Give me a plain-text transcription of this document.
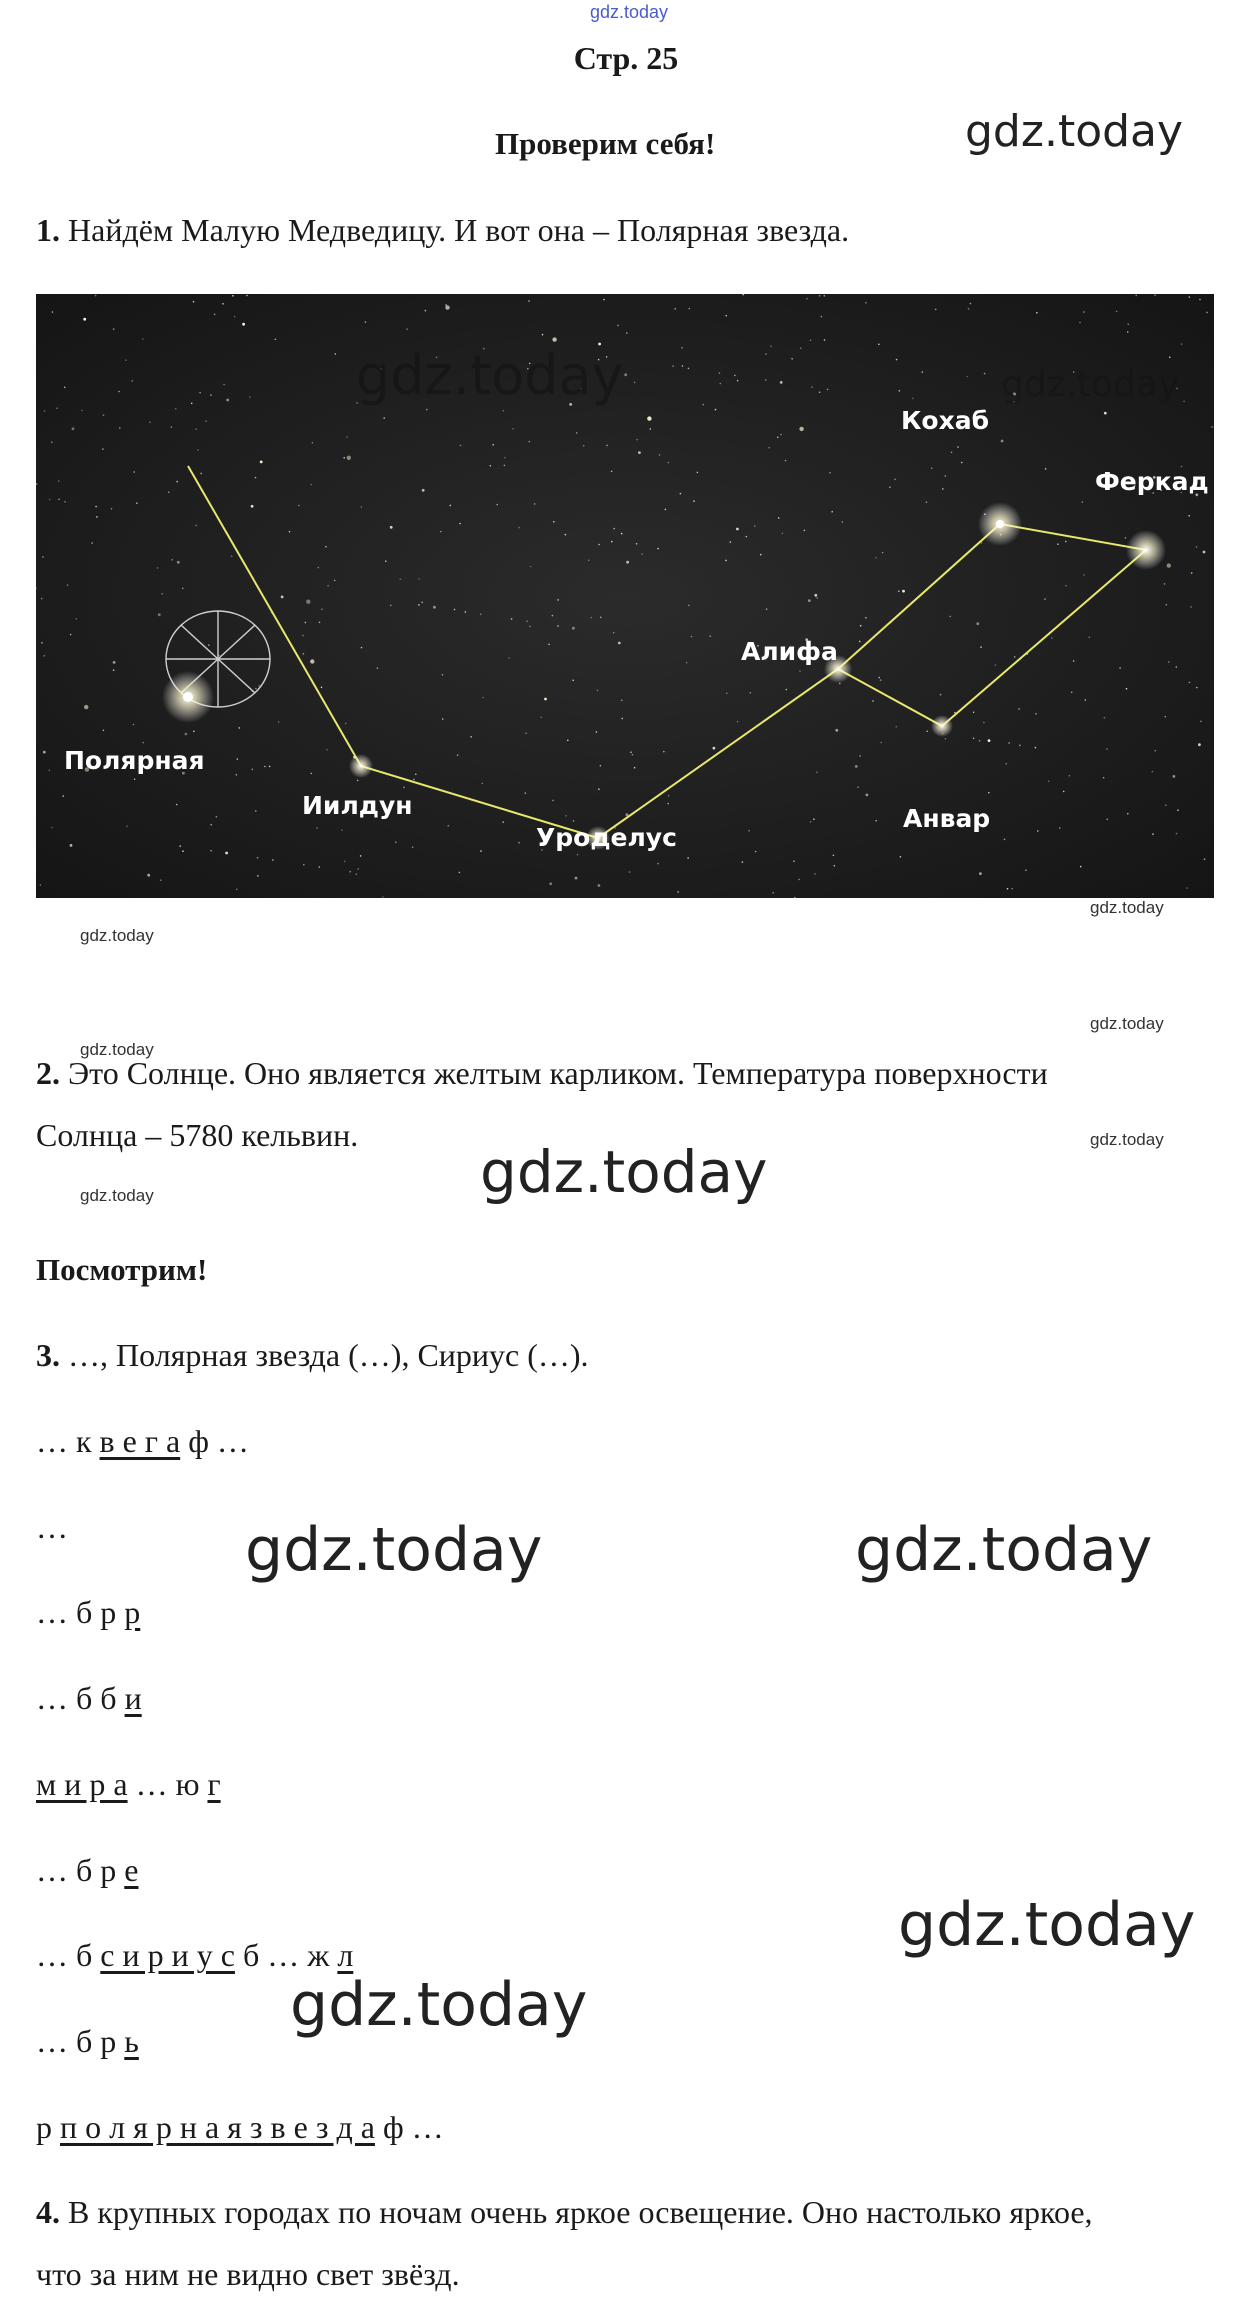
gdz.today
Стр. 25
Проверим себя!	gdz.today
1. Найдём Малую Медведицу. И вот она – Полярная звезда.
Полярная
Иилдун
Уроделус
Алифа
Анвар
Кохаб
Феркад
gdz.today	gdz.today
gdz.today
gdz.today
gdz.today
gdz.today
2. Это Солнце. Оно является желтым карликом. Температура поверхности
Солнца – 5780 кельвин.	gdz.today
gdz.today
gdz.today
Посмотрим!
3. …, Полярная звезда (…), Сириус (…).
… к в е г а ф …
…
… б р р
… б б и
м и р а … ю г
… б р е
… б с и р и у с б … ж л
… б р ь
р п о л я р н а я з в е з д а ф …
gdz.today	gdz.today
gdz.today
gdz.today
4. В крупных городах по ночам очень яркое освещение. Оно настолько яркое,
что за ним не видно свет звёзд.
